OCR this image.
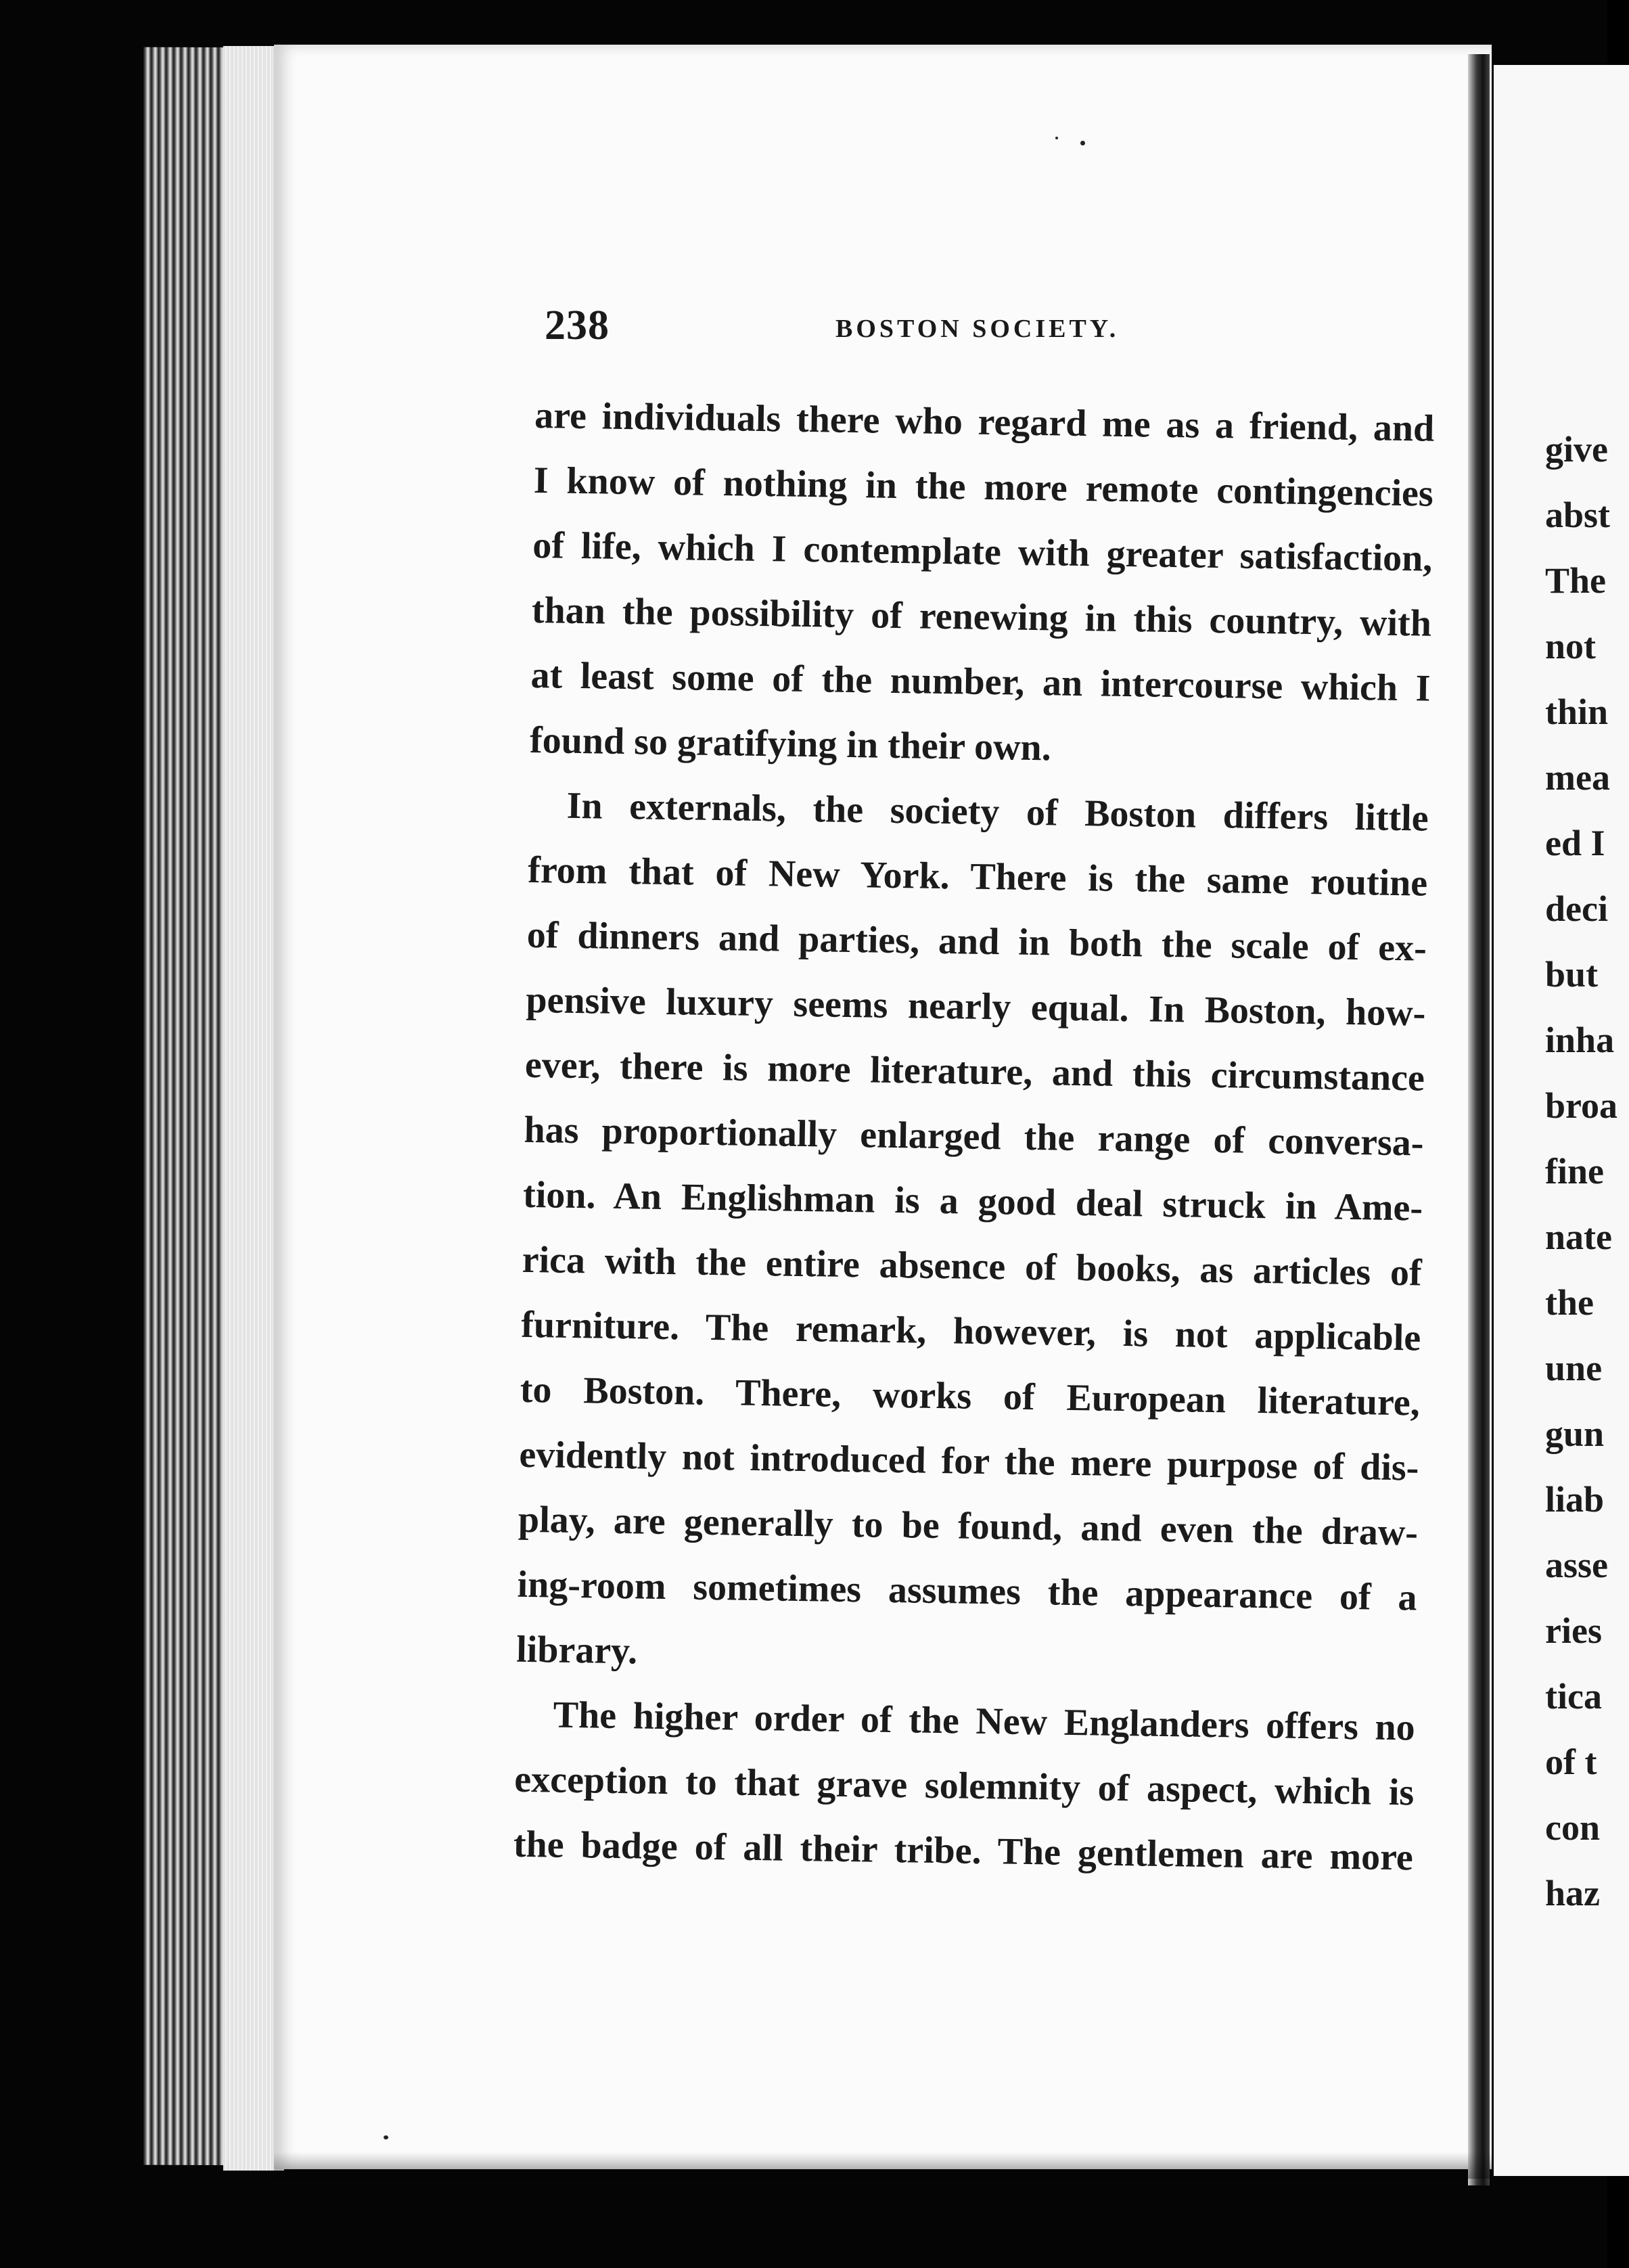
238	BOSTON SOCIETY.
are individuals there who regard me as a friend, and
I know of nothing in the more remote contingencies
of life, which I contemplate with greater satisfaction,
than the possibility of renewing in this country, with
at least some of the number, an intercourse which I
found so gratifying in their own.
In externals, the society of Boston differs little
from that of New York. There is the same routine
of dinners and parties, and in both the scale of ex-
pensive luxury seems nearly equal. In Boston, how-
ever, there is more literature, and this circumstance
has proportionally enlarged the range of conversa-
tion. An Englishman is a good deal struck in Ame-
rica with the entire absence of books, as articles of
furniture. The remark, however, is not applicable
to Boston. There, works of European literature,
evidently not introduced for the mere purpose of dis-
play, are generally to be found, and even the draw-
ing-room sometimes assumes the appearance of a
library.
The higher order of the New Englanders offers no
exception to that grave solemnity of aspect, which is
the badge of all their tribe. The gentlemen are more
give
abst
The
not
thin
mea
ed I
deci
but
inha
broa
fine
nate
the
une
gun
liab
asse
ries
tica
of t
con
haz
